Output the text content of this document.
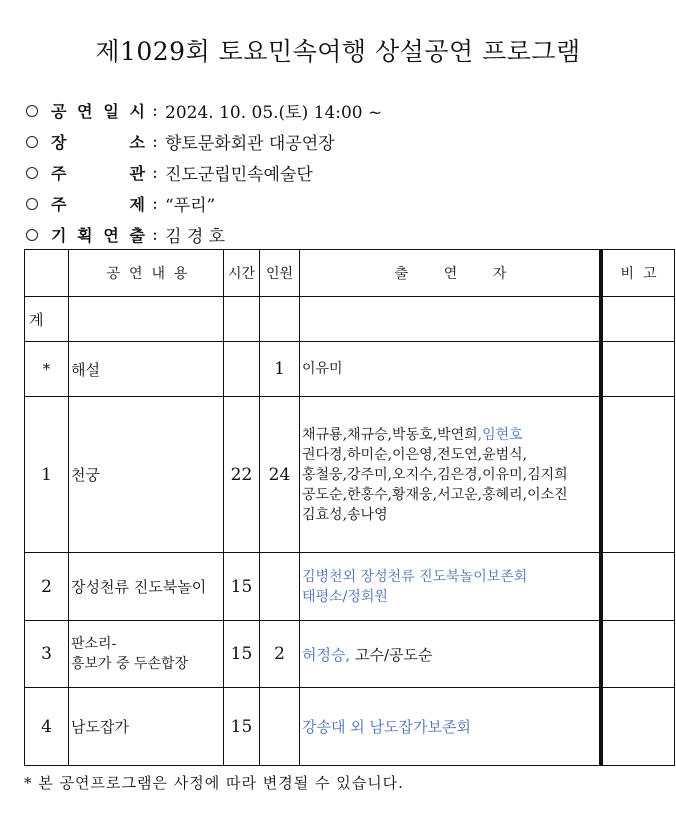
제1029회 토요민속여행 상설공연 프로그램
공 연 일 시 : 2024. 10. 05.(토) 14:00 ~
장	소 : 향토문화회관 대공연장
주	관 : 진도군립민속예술단
주	제 : “푸리”
기 획 연 출 : 김 경 호
	공  연  내  용	시간	인원	출        연        자	비  고
계					
*	해설		1	이유미	

1	천궁	22	24	채규룡,채규승,박동호,박연희,임현호
권다경,하미순,이은영,전도연,윤범식,
홍철웅,강주미,오지수,김은경,이유미,김지희
공도순,한홍수,황재웅,서고운,홍혜리,이소진
김효성,송나영	

2	장성천류 진도북놀이	15		김병천외 장성천류 진도북놀이보존회
태평소/정회원	

3	판소리-
흥보가 중 두손합장	15	2	허정승, 고수/공도순	
4	남도잡가	15		강송대 외 남도잡가보존회	
* 본 공연프로그램은 사정에 따라 변경될 수 있습니다.
